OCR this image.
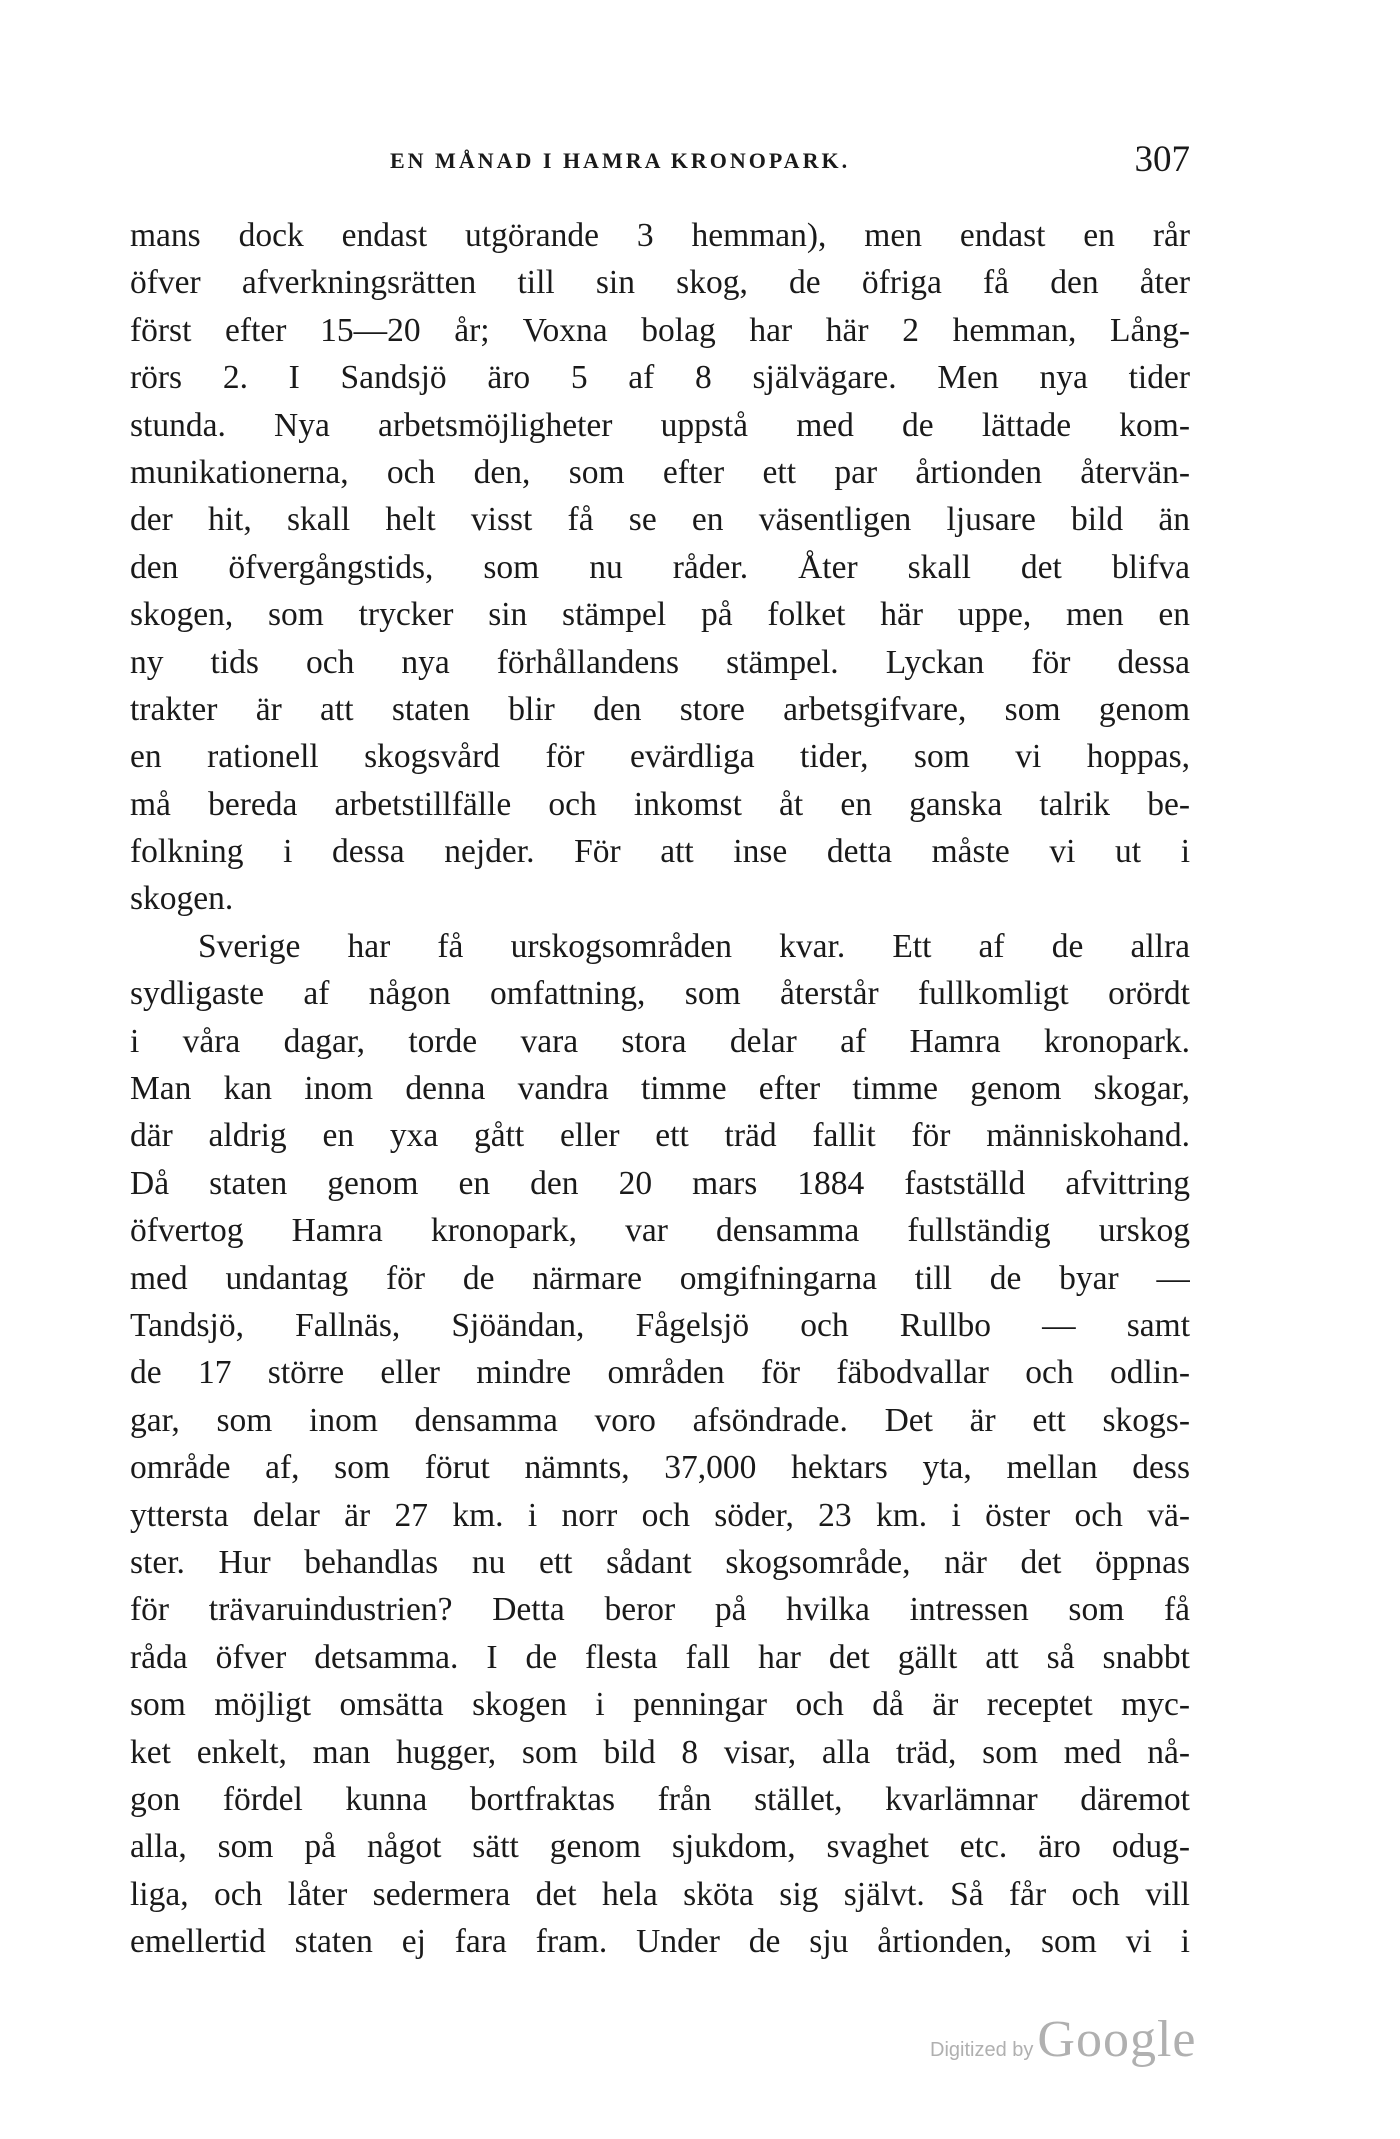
EN MÅNAD I HAMRA KRONOPARK.	307
mans dock endast utgörande 3 hemman), men endast en rår
öfver afverkningsrätten till sin skog, de öfriga få den åter
först efter 15—20 år; Voxna bolag har här 2 hemman, Lång-
rörs 2. I Sandsjö äro 5 af 8 självägare. Men nya tider
stunda. Nya arbetsmöjligheter uppstå med de lättade kom-
munikationerna, och den, som efter ett par årtionden återvän-
der hit, skall helt visst få se en väsentligen ljusare bild än
den öfvergångstids, som nu råder. Åter skall det blifva
skogen, som trycker sin stämpel på folket här uppe, men en
ny tids och nya förhållandens stämpel. Lyckan för dessa
trakter är att staten blir den store arbetsgifvare, som genom
en rationell skogsvård för evärdliga tider, som vi hoppas,
må bereda arbetstillfälle och inkomst åt en ganska talrik be-
folkning i dessa nejder. För att inse detta måste vi ut i
skogen.
Sverige har få urskogsområden kvar. Ett af de allra
sydligaste af någon omfattning, som återstår fullkomligt orördt
i våra dagar, torde vara stora delar af Hamra kronopark.
Man kan inom denna vandra timme efter timme genom skogar,
där aldrig en yxa gått eller ett träd fallit för människohand.
Då staten genom en den 20 mars 1884 fastställd afvittring
öfvertog Hamra kronopark, var densamma fullständig urskog
med undantag för de närmare omgifningarna till de byar —
Tandsjö, Fallnäs, Sjöändan, Fågelsjö och Rullbo — samt
de 17 större eller mindre områden för fäbodvallar och odlin-
gar, som inom densamma voro afsöndrade. Det är ett skogs-
område af, som förut nämnts, 37,000 hektars yta, mellan dess
yttersta delar är 27 km. i norr och söder, 23 km. i öster och vä-
ster. Hur behandlas nu ett sådant skogsområde, när det öppnas
för trävaruindustrien? Detta beror på hvilka intressen som få
råda öfver detsamma. I de flesta fall har det gällt att så snabbt
som möjligt omsätta skogen i penningar och då är receptet myc-
ket enkelt, man hugger, som bild 8 visar, alla träd, som med nå-
gon fördel kunna bortfraktas från stället, kvarlämnar däremot
alla, som på något sätt genom sjukdom, svaghet etc. äro odug-
liga, och låter sedermera det hela sköta sig självt. Så får och vill
emellertid staten ej fara fram. Under de sju årtionden, som vi i
Digitized by Google
